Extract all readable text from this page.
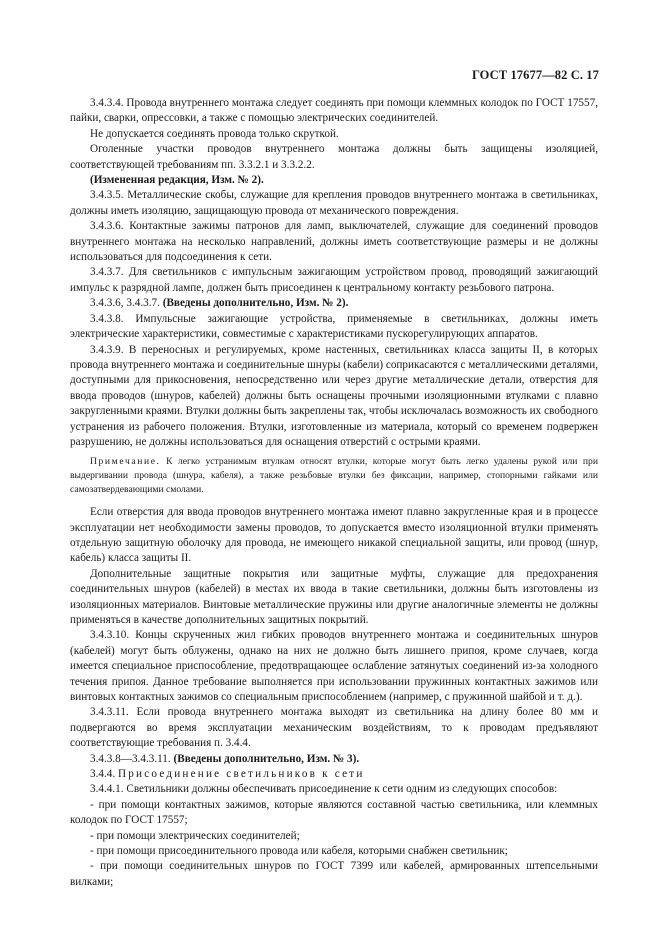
ГОСТ 17677—82 С. 17

3.4.3.4. Провода внутреннего монтажа следует соединять при помощи клеммных колодок по ГОСТ 17557, пайки, сварки, опрессовки, а также с помощью электрических соединителей.

Не допускается соединять провода только скруткой.

Оголенные участки проводов внутреннего монтажа должны быть защищены изоляцией, соответствующей требованиям пп. 3.3.2.1 и 3.3.2.2.

(Измененная редакция, Изм. № 2).

3.4.3.5. Металлические скобы, служащие для крепления проводов внутреннего монтажа в светильниках, должны иметь изоляцию, защищающую провода от механического повреждения.

3.4.3.6. Контактные зажимы патронов для ламп, выключателей, служащие для соединений проводов внутреннего монтажа на несколько направлений, должны иметь соответствующие размеры и не должны использоваться для подсоединения к сети.

3.4.3.7. Для светильников с импульсным зажигающим устройством провод, проводящий зажигающий импульс к разрядной лампе, должен быть присоединен к центральному контакту резьбового патрона.

3.4.3.6, 3.4.3.7. (Введены дополнительно, Изм. № 2).

3.4.3.8. Импульсные зажигающие устройства, применяемые в светильниках, должны иметь электрические характеристики, совместимые с характеристиками пускорегулирующих аппаратов.

3.4.3.9. В переносных и регулируемых, кроме настенных, светильниках класса защиты II, в которых провода внутреннего монтажа и соединительные шнуры (кабели) соприкасаются с металлическими деталями, доступными для прикосновения, непосредственно или через другие металлические детали, отверстия для ввода проводов (шнуров, кабелей) должны быть оснащены прочными изоляционными втулками с плавно закругленными краями. Втулки должны быть закреплены так, чтобы исключалась возможность их свободного устранения из рабочего положения. Втулки, изготовленные из материала, который со временем подвержен разрушению, не должны использоваться для оснащения отверстий с острыми краями.

Примечание. К легко устранимым втулкам относят втулки, которые могут быть легко удалены рукой или при выдергивании провода (шнура, кабеля), а также резьбовые втулки без фиксации, например, стопорными гайками или самозатвердевающими смолами.

Если отверстия для ввода проводов внутреннего монтажа имеют плавно закругленные края и в процессе эксплуатации нет необходимости замены проводов, то допускается вместо изоляционной втулки применять отдельную защитную оболочку для провода, не имеющего никакой специальной защиты, или провод (шнур, кабель) класса защиты II.

Дополнительные защитные покрытия или защитные муфты, служащие для предохранения соединительных шнуров (кабелей) в местах их ввода в такие светильники, должны быть изготовлены из изоляционных материалов. Винтовые металлические пружины или другие аналогичные элементы не должны применяться в качестве дополнительных защитных покрытий.

3.4.3.10. Концы скрученных жил гибких проводов внутреннего монтажа и соединительных шнуров (кабелей) могут быть облужены, однако на них не должно быть лишнего припоя, кроме случаев, когда имеется специальное приспособление, предотвращающее ослабление затянутых соединений из-за холодного течения припоя. Данное требование выполняется при использовании пружинных контактных зажимов или винтовых контактных зажимов со специальным приспособлением (например, с пружинной шайбой и т. д.).

3.4.3.11. Если провода внутреннего монтажа выходят из светильника на длину более 80 мм и подвергаются во время эксплуатации механическим воздействиям, то к проводам предъявляют соответствующие требования п. 3.4.4.

3.4.3.8—3.4.3.11. (Введены дополнительно, Изм. № 3).

3.4.4. Присоединение светильников к сети

3.4.4.1. Светильники должны обеспечивать присоединение к сети одним из следующих способов:

- при помощи контактных зажимов, которые являются составной частью светильника, или клеммных колодок по ГОСТ 17557;

- при помощи электрических соединителей;

- при помощи присоединительного провода или кабеля, которыми снабжен светильник;

- при помощи соединительных шнуров по ГОСТ 7399 или кабелей, армированных штепсельными вилками;
